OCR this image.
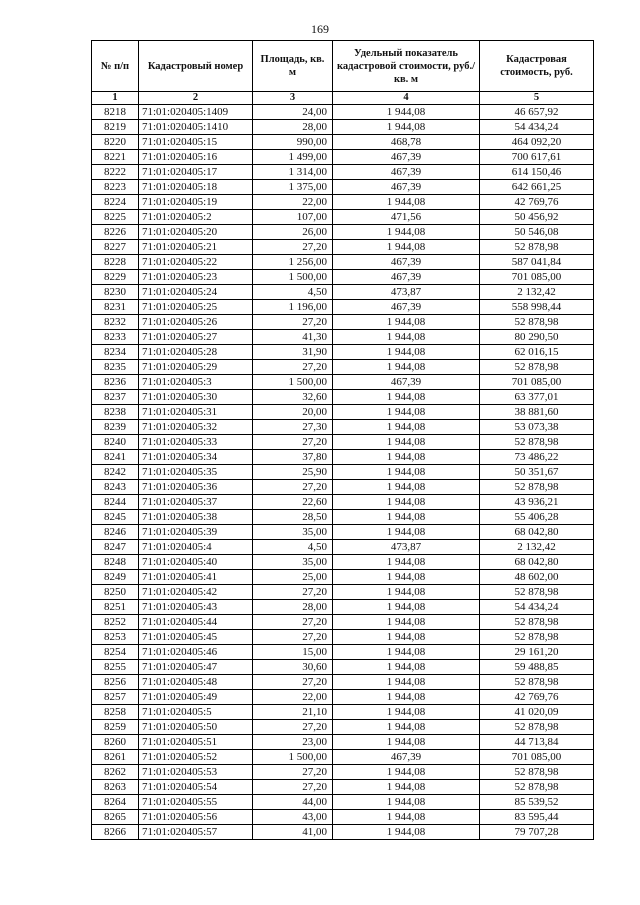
169
№ п/п	Кадастровый номер	Площадь, кв. м	Удельный показатель кадастровой стоимости, руб./кв. м	Кадастровая стоимость, руб.
1	2	3	4	5
8218	71:01:020405:1409	24,00	1 944,08	46 657,92
8219	71:01:020405:1410	28,00	1 944,08	54 434,24
8220	71:01:020405:15	990,00	468,78	464 092,20
8221	71:01:020405:16	1 499,00	467,39	700 617,61
8222	71:01:020405:17	1 314,00	467,39	614 150,46
8223	71:01:020405:18	1 375,00	467,39	642 661,25
8224	71:01:020405:19	22,00	1 944,08	42 769,76
8225	71:01:020405:2	107,00	471,56	50 456,92
8226	71:01:020405:20	26,00	1 944,08	50 546,08
8227	71:01:020405:21	27,20	1 944,08	52 878,98
8228	71:01:020405:22	1 256,00	467,39	587 041,84
8229	71:01:020405:23	1 500,00	467,39	701 085,00
8230	71:01:020405:24	4,50	473,87	2 132,42
8231	71:01:020405:25	1 196,00	467,39	558 998,44
8232	71:01:020405:26	27,20	1 944,08	52 878,98
8233	71:01:020405:27	41,30	1 944,08	80 290,50
8234	71:01:020405:28	31,90	1 944,08	62 016,15
8235	71:01:020405:29	27,20	1 944,08	52 878,98
8236	71:01:020405:3	1 500,00	467,39	701 085,00
8237	71:01:020405:30	32,60	1 944,08	63 377,01
8238	71:01:020405:31	20,00	1 944,08	38 881,60
8239	71:01:020405:32	27,30	1 944,08	53 073,38
8240	71:01:020405:33	27,20	1 944,08	52 878,98
8241	71:01:020405:34	37,80	1 944,08	73 486,22
8242	71:01:020405:35	25,90	1 944,08	50 351,67
8243	71:01:020405:36	27,20	1 944,08	52 878,98
8244	71:01:020405:37	22,60	1 944,08	43 936,21
8245	71:01:020405:38	28,50	1 944,08	55 406,28
8246	71:01:020405:39	35,00	1 944,08	68 042,80
8247	71:01:020405:4	4,50	473,87	2 132,42
8248	71:01:020405:40	35,00	1 944,08	68 042,80
8249	71:01:020405:41	25,00	1 944,08	48 602,00
8250	71:01:020405:42	27,20	1 944,08	52 878,98
8251	71:01:020405:43	28,00	1 944,08	54 434,24
8252	71:01:020405:44	27,20	1 944,08	52 878,98
8253	71:01:020405:45	27,20	1 944,08	52 878,98
8254	71:01:020405:46	15,00	1 944,08	29 161,20
8255	71:01:020405:47	30,60	1 944,08	59 488,85
8256	71:01:020405:48	27,20	1 944,08	52 878,98
8257	71:01:020405:49	22,00	1 944,08	42 769,76
8258	71:01:020405:5	21,10	1 944,08	41 020,09
8259	71:01:020405:50	27,20	1 944,08	52 878,98
8260	71:01:020405:51	23,00	1 944,08	44 713,84
8261	71:01:020405:52	1 500,00	467,39	701 085,00
8262	71:01:020405:53	27,20	1 944,08	52 878,98
8263	71:01:020405:54	27,20	1 944,08	52 878,98
8264	71:01:020405:55	44,00	1 944,08	85 539,52
8265	71:01:020405:56	43,00	1 944,08	83 595,44
8266	71:01:020405:57	41,00	1 944,08	79 707,28
